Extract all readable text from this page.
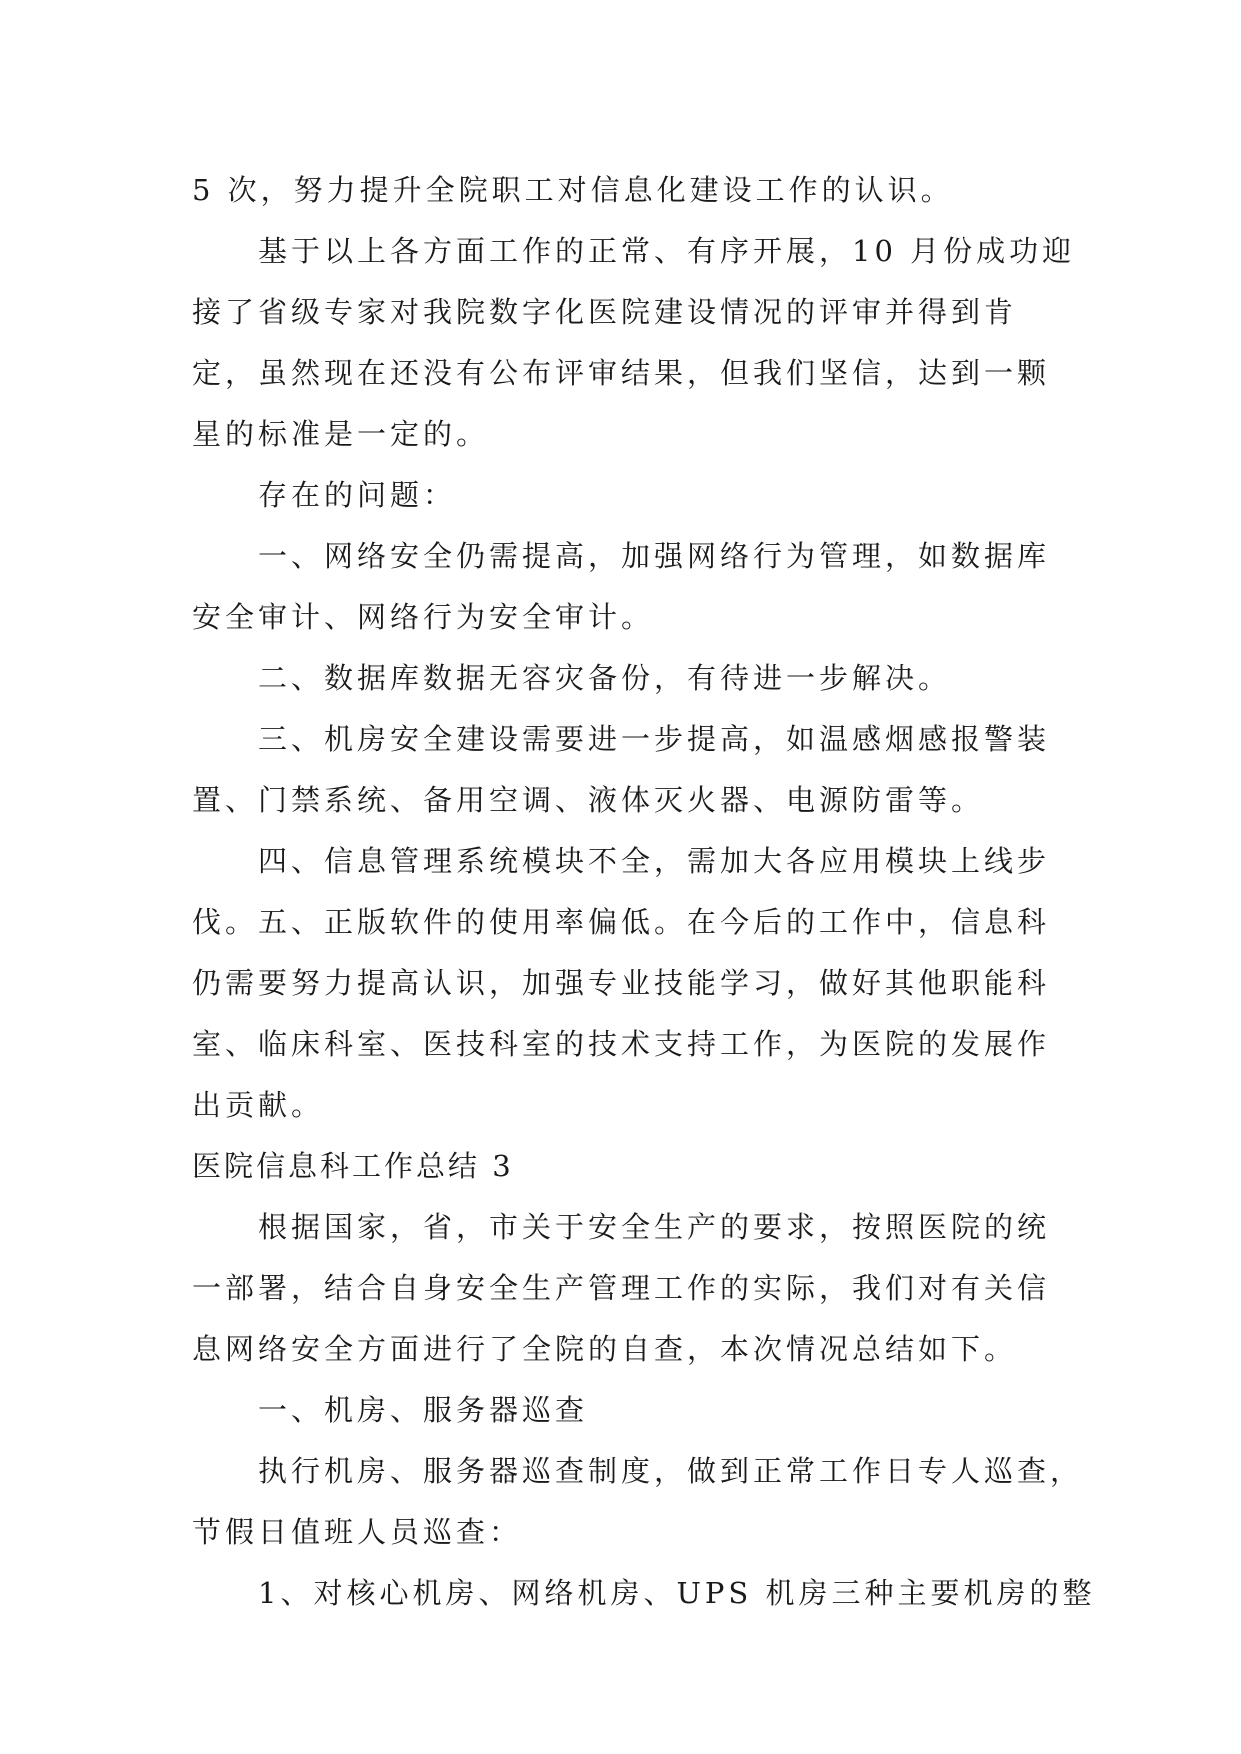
5 次，努力提升全院职工对信息化建设工作的认识。
基于以上各方面工作的正常、有序开展，10 月份成功迎
接了省级专家对我院数字化医院建设情况的评审并得到肯
定，虽然现在还没有公布评审结果，但我们坚信，达到一颗
星的标准是一定的。
存在的问题：
一、网络安全仍需提高，加强网络行为管理，如数据库
安全审计、网络行为安全审计。
二、数据库数据无容灾备份，有待进一步解决。
三、机房安全建设需要进一步提高，如温感烟感报警装
置、门禁系统、备用空调、液体灭火器、电源防雷等。
四、信息管理系统模块不全，需加大各应用模块上线步
伐。五、正版软件的使用率偏低。在今后的工作中，信息科
仍需要努力提高认识，加强专业技能学习，做好其他职能科
室、临床科室、医技科室的技术支持工作，为医院的发展作
出贡献。
医院信息科工作总结 3
根据国家，省，市关于安全生产的要求，按照医院的统
一部署，结合自身安全生产管理工作的实际，我们对有关信
息网络安全方面进行了全院的自查，本次情况总结如下。
一、机房、服务器巡查
执行机房、服务器巡查制度，做到正常工作日专人巡查，
节假日值班人员巡查：
1、对核心机房、网络机房、UPS 机房三种主要机房的整
